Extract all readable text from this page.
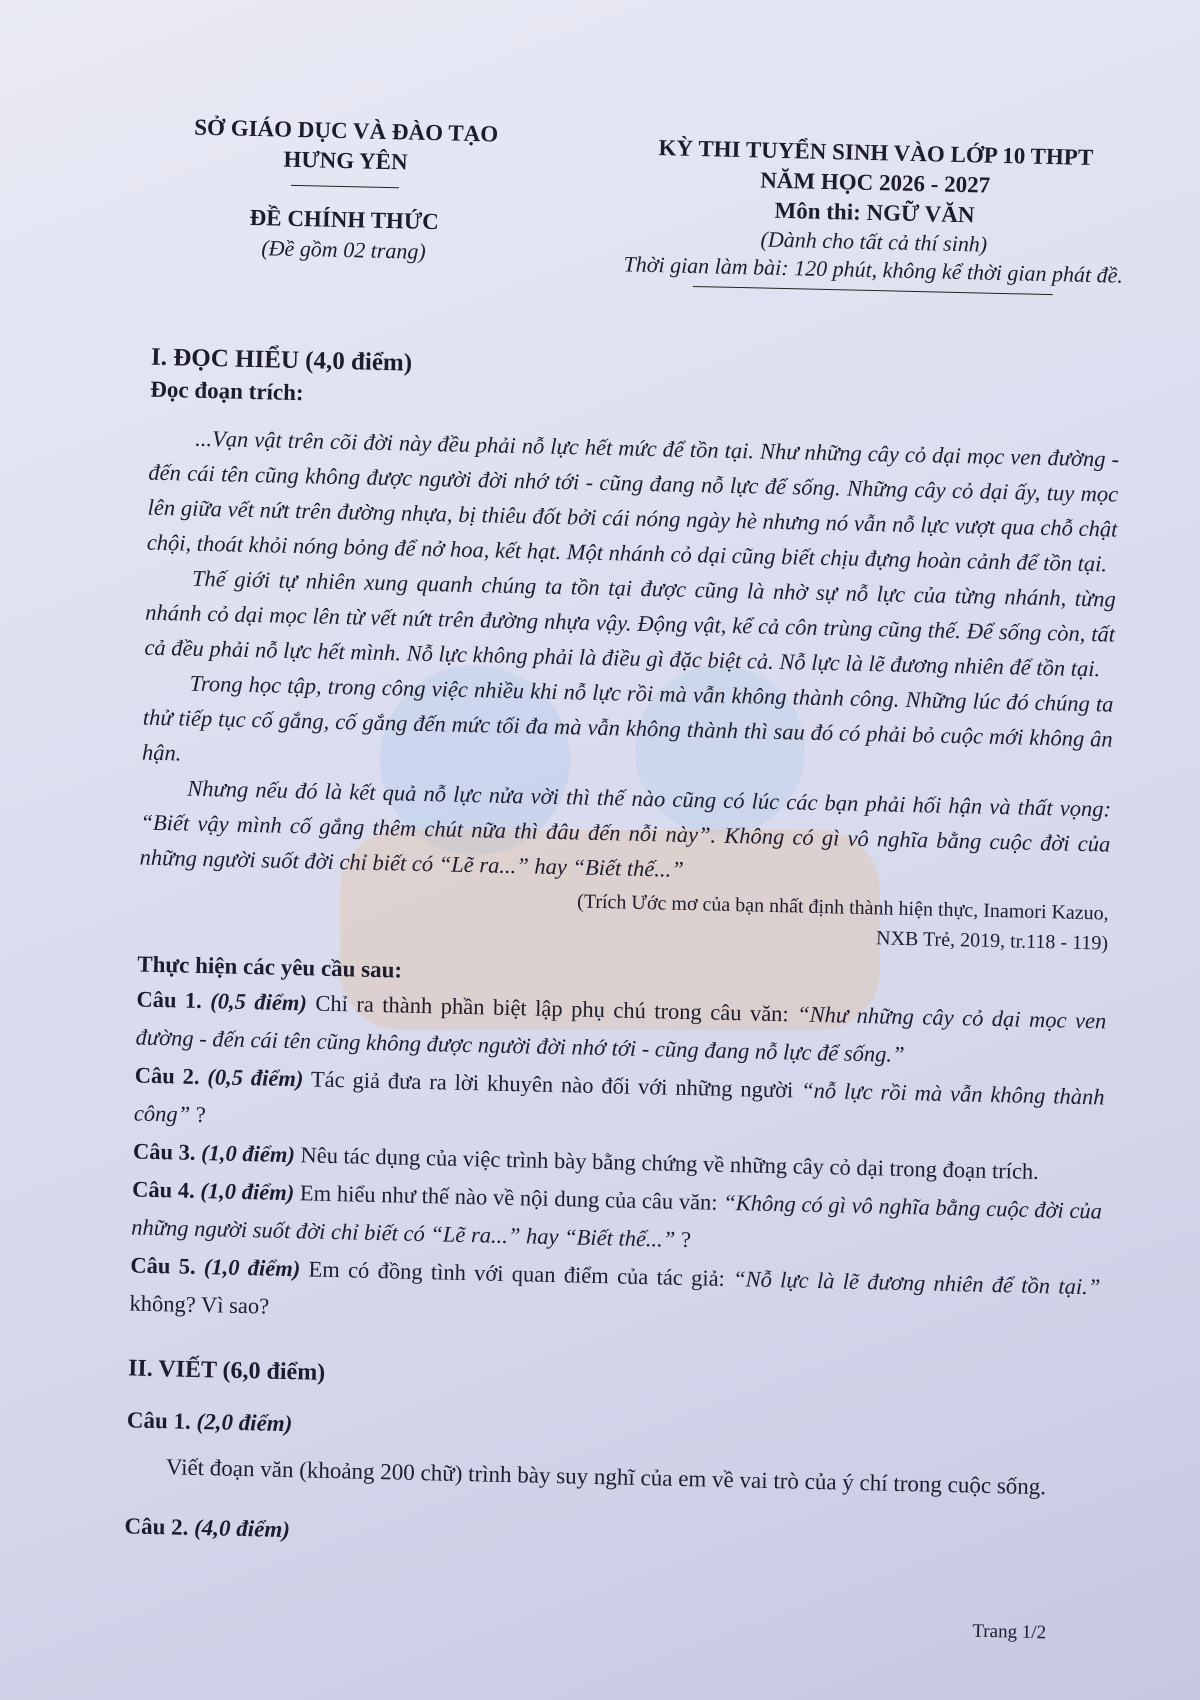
SỞ GIÁO DỤC VÀ ĐÀO TẠO
HƯNG YÊN
ĐỀ CHÍNH THỨC
(Đề gồm 02 trang)
KỲ THI TUYỂN SINH VÀO LỚP 10 THPT
NĂM HỌC 2026 - 2027
Môn thi: NGỮ VĂN
(Dành cho tất cả thí sinh)
Thời gian làm bài: 120 phút, không kể thời gian phát đề.
I. ĐỌC HIỂU (4,0 điểm)
Đọc đoạn trích:

...Vạn vật trên cõi đời này đều phải nỗ lực hết mức để tồn tại. Như những cây cỏ dại mọc ven đường - đến cái tên cũng không được người đời nhớ tới - cũng đang nỗ lực để sống. Những cây cỏ dại ấy, tuy mọc lên giữa vết nứt trên đường nhựa, bị thiêu đốt bởi cái nóng ngày hè nhưng nó vẫn nỗ lực vượt qua chỗ chật chội, thoát khỏi nóng bỏng để nở hoa, kết hạt. Một nhánh cỏ dại cũng biết chịu đựng hoàn cảnh để tồn tại.

Thế giới tự nhiên xung quanh chúng ta tồn tại được cũng là nhờ sự nỗ lực của từng nhánh, từng nhánh cỏ dại mọc lên từ vết nứt trên đường nhựa vậy. Động vật, kể cả côn trùng cũng thế. Để sống còn, tất cả đều phải nỗ lực hết mình. Nỗ lực không phải là điều gì đặc biệt cả. Nỗ lực là lẽ đương nhiên để tồn tại.

Trong học tập, trong công việc nhiều khi nỗ lực rồi mà vẫn không thành công. Những lúc đó chúng ta thử tiếp tục cố gắng, cố gắng đến mức tối đa mà vẫn không thành thì sau đó có phải bỏ cuộc mới không ân hận.

Nhưng nếu đó là kết quả nỗ lực nửa vời thì thế nào cũng có lúc các bạn phải hối hận và thất vọng: “Biết vậy mình cố gắng thêm chút nữa thì đâu đến nỗi này”. Không có gì vô nghĩa bằng cuộc đời của những người suốt đời chỉ biết có “Lẽ ra...” hay “Biết thế...”

(Trích Ước mơ của bạn nhất định thành hiện thực, Inamori Kazuo,
NXB Trẻ, 2019, tr.118 - 119)
Thực hiện các yêu cầu sau:
Câu 1. (0,5 điểm) Chỉ ra thành phần biệt lập phụ chú trong câu văn: “Như những cây cỏ dại mọc ven đường - đến cái tên cũng không được người đời nhớ tới - cũng đang nỗ lực để sống.”
Câu 2. (0,5 điểm) Tác giả đưa ra lời khuyên nào đối với những người “nỗ lực rồi mà vẫn không thành công” ?
Câu 3. (1,0 điểm) Nêu tác dụng của việc trình bày bằng chứng về những cây cỏ dại trong đoạn trích.
Câu 4. (1,0 điểm) Em hiểu như thế nào về nội dung của câu văn: “Không có gì vô nghĩa bằng cuộc đời của những người suốt đời chỉ biết có “Lẽ ra...” hay “Biết thế...” ?
Câu 5. (1,0 điểm) Em có đồng tình với quan điểm của tác giả: “Nỗ lực là lẽ đương nhiên để tồn tại.” không? Vì sao?
II. VIẾT (6,0 điểm)
Câu 1. (2,0 điểm)
Viết đoạn văn (khoảng 200 chữ) trình bày suy nghĩ của em về vai trò của ý chí trong cuộc sống.
Câu 2. (4,0 điểm)
Trang 1/2
